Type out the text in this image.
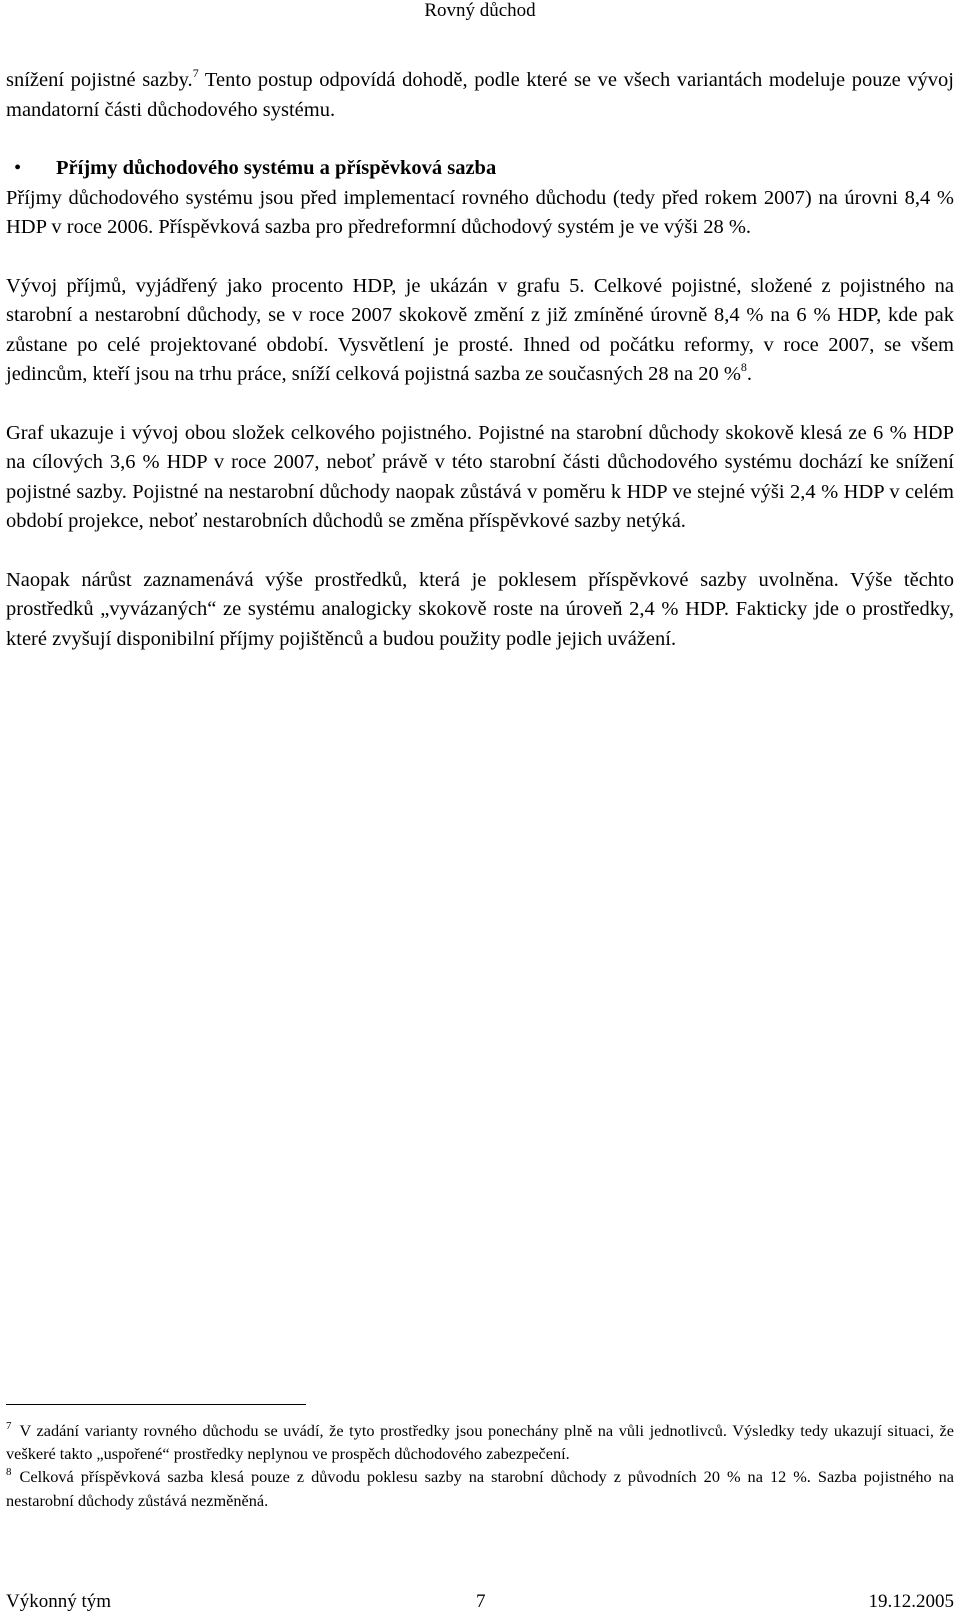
Rovný důchod

snížení pojistné sazby.$^7$ Tento postup odpovídá dohodě, podle které se ve všech variantách modeluje pouze vývoj mandatorní části důchodového systému.

• Příjmy důchodového systému a příspěvková sazba

Příjmy důchodového systému jsou před implementací rovného důchodu (tedy před rokem 2007) na úrovni 8,4 % HDP v roce 2006. Příspěvková sazba pro předreformní důchodový systém je ve výši 28 %.

Vývoj příjmů, vyjádřený jako procento HDP, je ukázán v grafu 5. Celkové pojistné, složené z pojistného na starobní a nestarobní důchody, se v roce 2007 skokově změní z již zmíněné úrovně 8,4 % na 6 % HDP, kde pak zůstane po celé projektované období. Vysvětlení je prosté. Ihned od počátku reformy, v roce 2007, se všem jedincům, kteří jsou na trhu práce, sníží celková pojistná sazba ze současných 28 na 20 %$^8$.

Graf ukazuje i vývoj obou složek celkového pojistného. Pojistné na starobní důchody skokově klesá ze 6 % HDP na cílových 3,6 % HDP v roce 2007, neboť právě v této starobní části důchodového systému dochází ke snížení pojistné sazby. Pojistné na nestarobní důchody naopak zůstává v poměru k HDP ve stejné výši 2,4 % HDP v celém období projekce, neboť nestarobních důchodů se změna příspěvkové sazby netýká.

Naopak nárůst zaznamenává výše prostředků, která je poklesem příspěvkové sazby uvolněna. Výše těchto prostředků „vyvázaných“ ze systému analogicky skokově roste na úroveň 2,4 % HDP. Fakticky jde o prostředky, které zvyšují disponibilní příjmy pojištěnců a budou použity podle jejich uvážení.

$^7$ V zadání varianty rovného důchodu se uvádí, že tyto prostředky jsou ponechány plně na vůli jednotlivců. Výsledky tedy ukazují situaci, že veškeré takto „uspořené“ prostředky neplynou ve prospěch důchodového zabezpečení.

$^8$ Celková příspěvková sazba klesá pouze z důvodu poklesu sazby na starobní důchody z původních 20 % na 12 %. Sazba pojistného na nestarobní důchody zůstává nezměněná.

Výkonný tým	7	19.12.2005
